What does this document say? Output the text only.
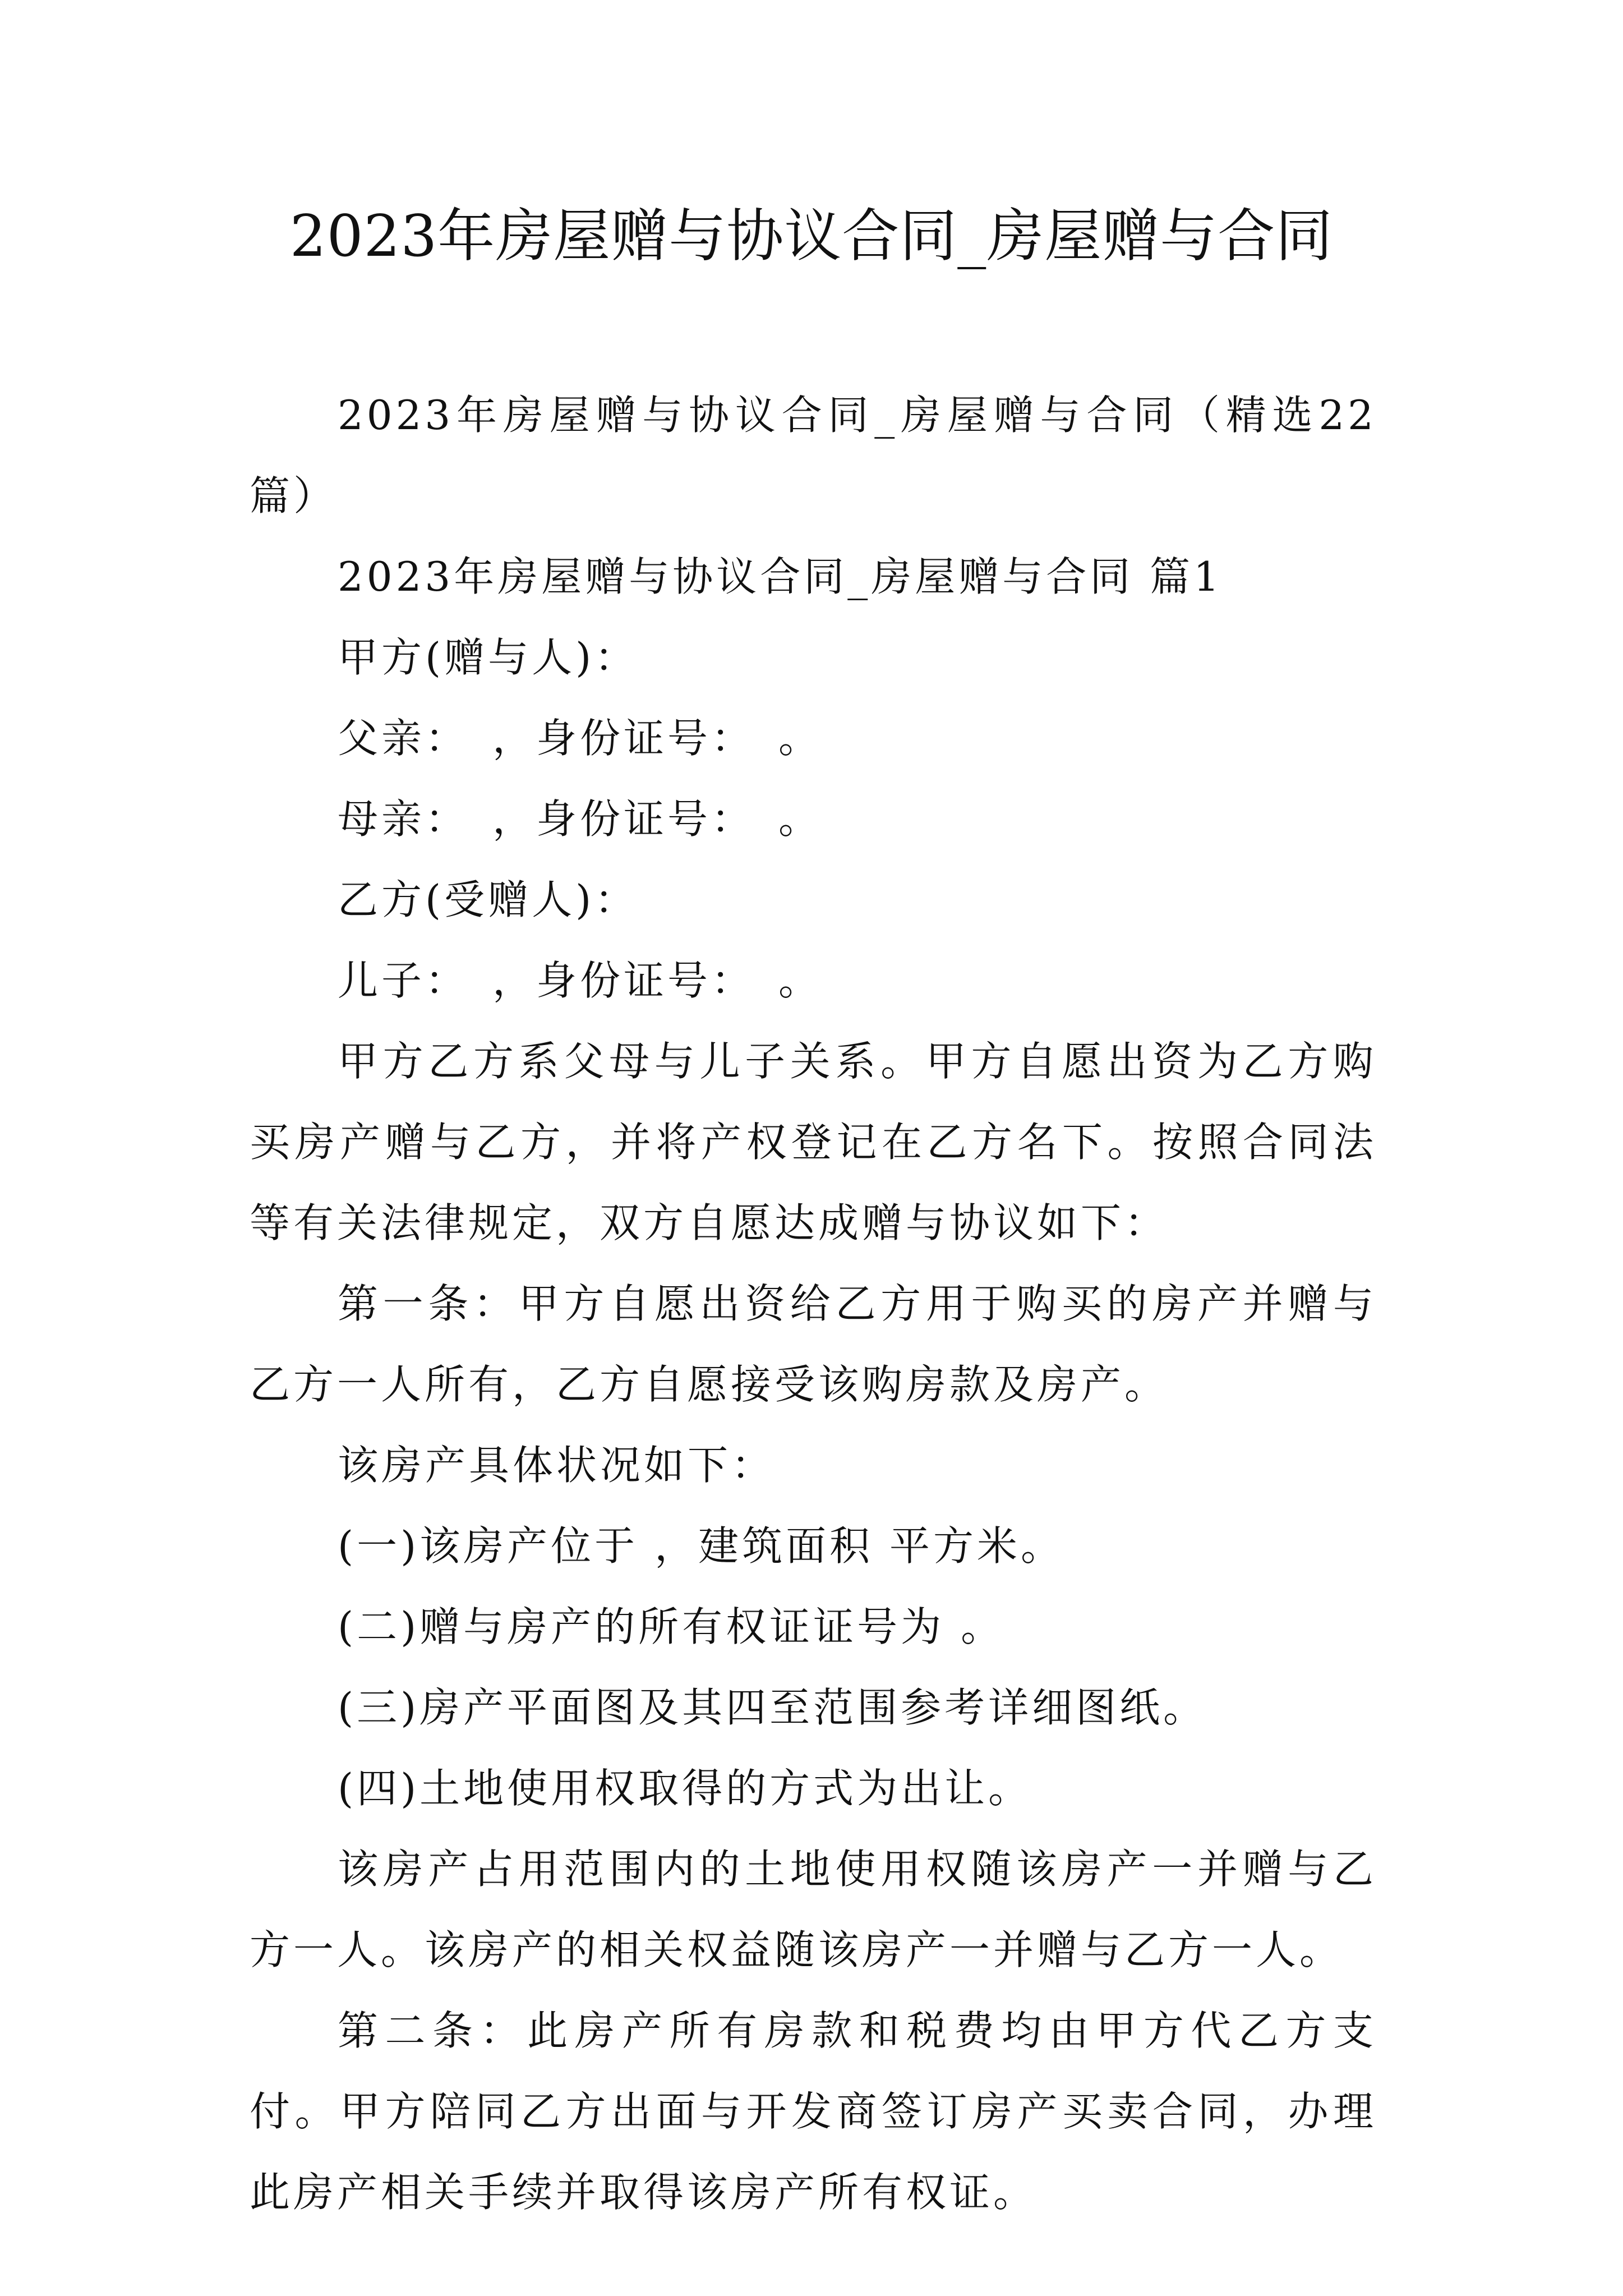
2023年房屋赠与协议合同_房屋赠与合同

2023年房屋赠与协议合同_房屋赠与合同（精选22篇）

2023年房屋赠与协议合同_房屋赠与合同 篇1

甲方(赠与人)：

父亲：　，身份证号：　。

母亲：　，身份证号：　。

乙方(受赠人)：

儿子：　，身份证号：　。

甲方乙方系父母与儿子关系。甲方自愿出资为乙方购买房产赠与乙方，并将产权登记在乙方名下。按照合同法等有关法律规定，双方自愿达成赠与协议如下：

第一条：甲方自愿出资给乙方用于购买的房产并赠与乙方一人所有，乙方自愿接受该购房款及房产。

该房产具体状况如下：

(一)该房产位于 ，建筑面积 平方米。

(二)赠与房产的所有权证证号为 。

(三)房产平面图及其四至范围参考详细图纸。

(四)土地使用权取得的方式为出让。

该房产占用范围内的土地使用权随该房产一并赠与乙方一人。该房产的相关权益随该房产一并赠与乙方一人。

第二条：此房产所有房款和税费均由甲方代乙方支付。甲方陪同乙方出面与开发商签订房产买卖合同，办理此房产相关手续并取得该房产所有权证。
